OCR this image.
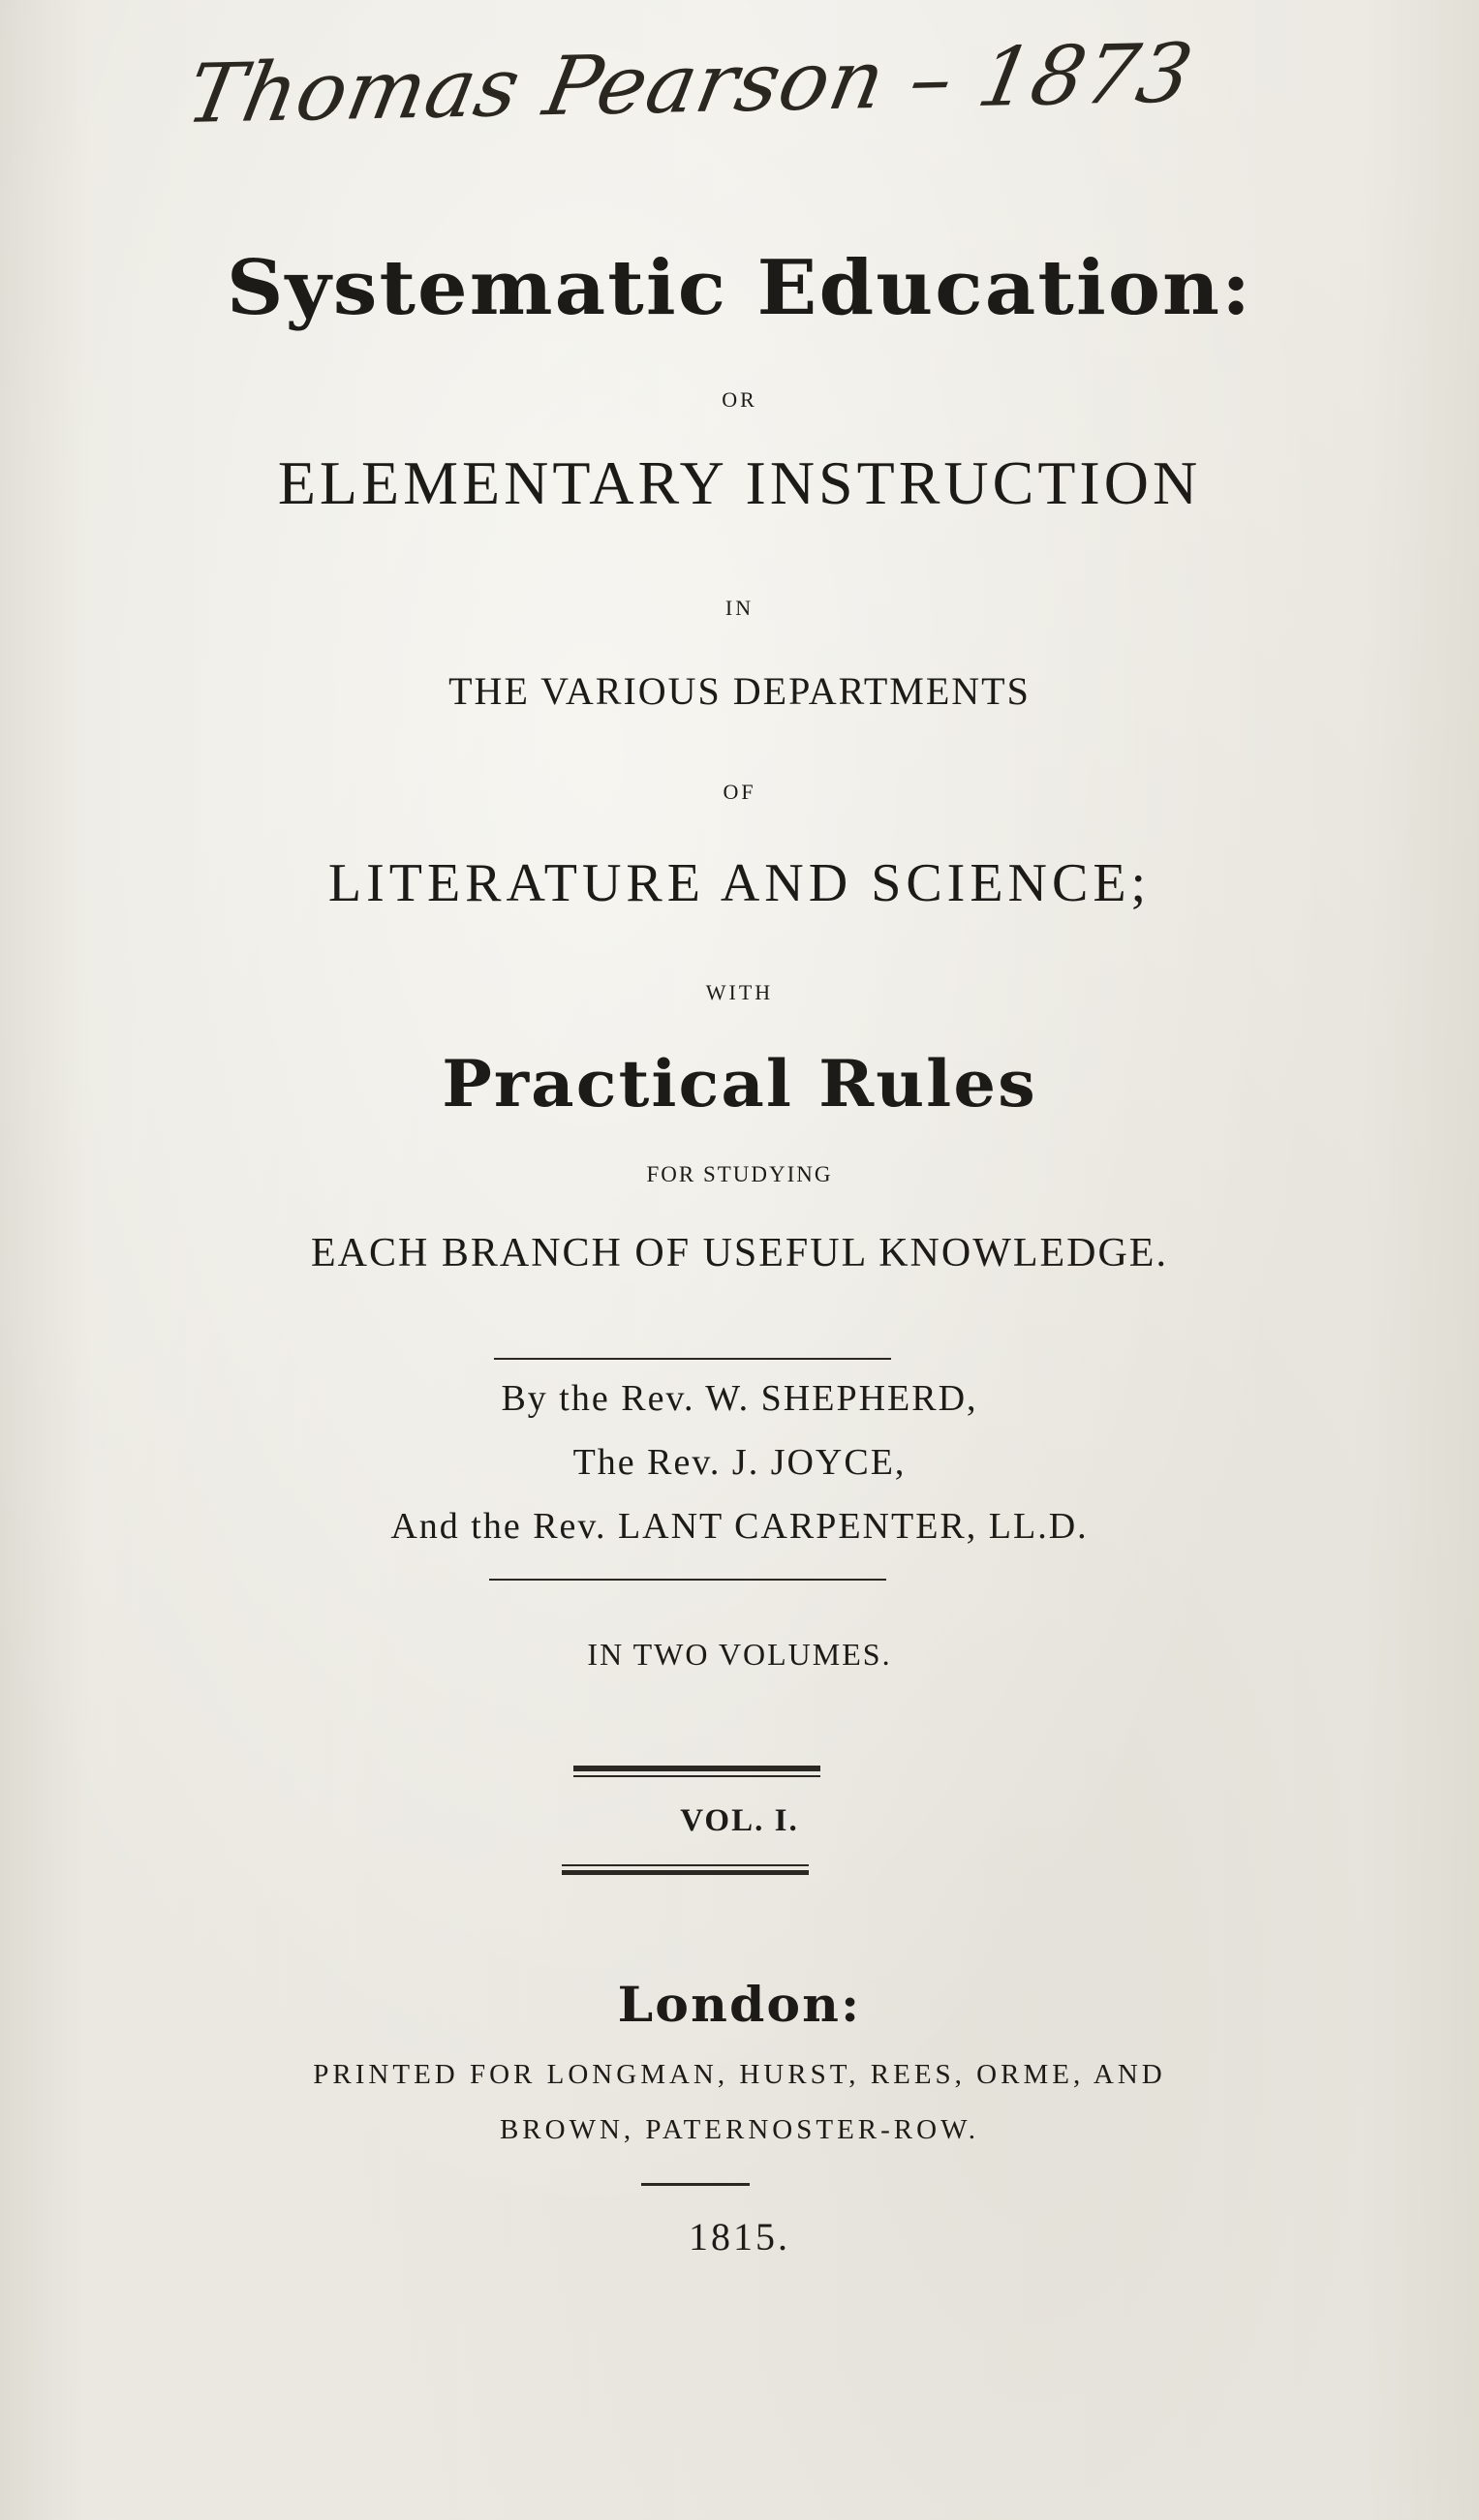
Thomas Pearson – 1873
Systematic Education:
OR
ELEMENTARY INSTRUCTION
IN
THE VARIOUS DEPARTMENTS
OF
LITERATURE AND SCIENCE;
WITH
Practical Rules
FOR STUDYING
EACH BRANCH OF USEFUL KNOWLEDGE.
By the Rev. W. SHEPHERD,
The Rev. J. JOYCE,
And the Rev. LANT CARPENTER, LL.D.
IN TWO VOLUMES.
VOL. I.
London:
PRINTED FOR LONGMAN, HURST, REES, ORME, AND
BROWN, PATERNOSTER-ROW.
1815.
